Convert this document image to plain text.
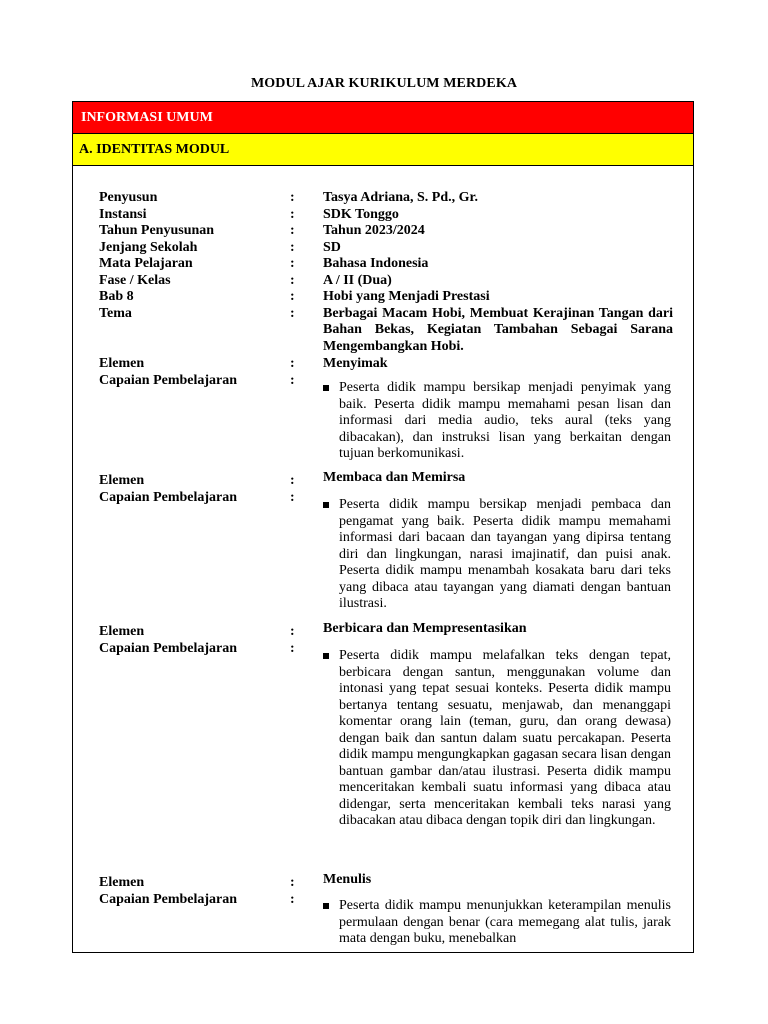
MODUL AJAR KURIKULUM MERDEKA
INFORMASI UMUM
A. IDENTITAS MODUL
Penyusun	: Tasya Adriana, S. Pd., Gr.
Instansi	: SDK Tonggo
Tahun Penyusunan	: Tahun 2023/2024
Jenjang Sekolah	: SD
Mata Pelajaran	: Bahasa Indonesia
Fase / Kelas	: A / II (Dua)
Bab 8	: Hobi yang Menjadi Prestasi
Tema	: Berbagai Macam Hobi, Membuat Kerajinan Tangan dari Bahan Bekas, Kegiatan Tambahan Sebagai Sarana Mengembangkan Hobi.
Elemen	: Menyimak
Capaian Pembelajaran	:	Peserta didik mampu bersikap menjadi penyimak yang baik. Peserta didik mampu memahami pesan lisan dan informasi dari media audio, teks aural (teks yang dibacakan), dan instruksi lisan yang berkaitan dengan tujuan berkomunikasi.
Elemen	: Membaca dan Memirsa
Capaian Pembelajaran	:	Peserta didik mampu bersikap menjadi pembaca dan pengamat yang baik. Peserta didik mampu memahami informasi dari bacaan dan tayangan yang dipirsa tentang diri dan lingkungan, narasi imajinatif, dan puisi anak. Peserta didik mampu menambah kosakata baru dari teks yang dibaca atau tayangan yang diamati dengan bantuan ilustrasi.
Elemen	: Berbicara dan Mempresentasikan
Capaian Pembelajaran	:	Peserta didik mampu melafalkan teks dengan tepat, berbicara dengan santun, menggunakan volume dan intonasi yang tepat sesuai konteks. Peserta didik mampu bertanya tentang sesuatu, menjawab, dan menanggapi komentar orang lain (teman, guru, dan orang dewasa) dengan baik dan santun dalam suatu percakapan. Peserta didik mampu mengungkapkan gagasan secara lisan dengan bantuan gambar dan/atau ilustrasi. Peserta didik mampu menceritakan kembali suatu informasi yang dibaca atau didengar, serta menceritakan kembali teks narasi yang dibacakan atau dibaca dengan topik diri dan lingkungan.
Elemen	: Menulis
Capaian Pembelajaran	:	Peserta didik mampu menunjukkan keterampilan menulis permulaan dengan benar (cara memegang alat tulis, jarak mata dengan buku, menebalkan
